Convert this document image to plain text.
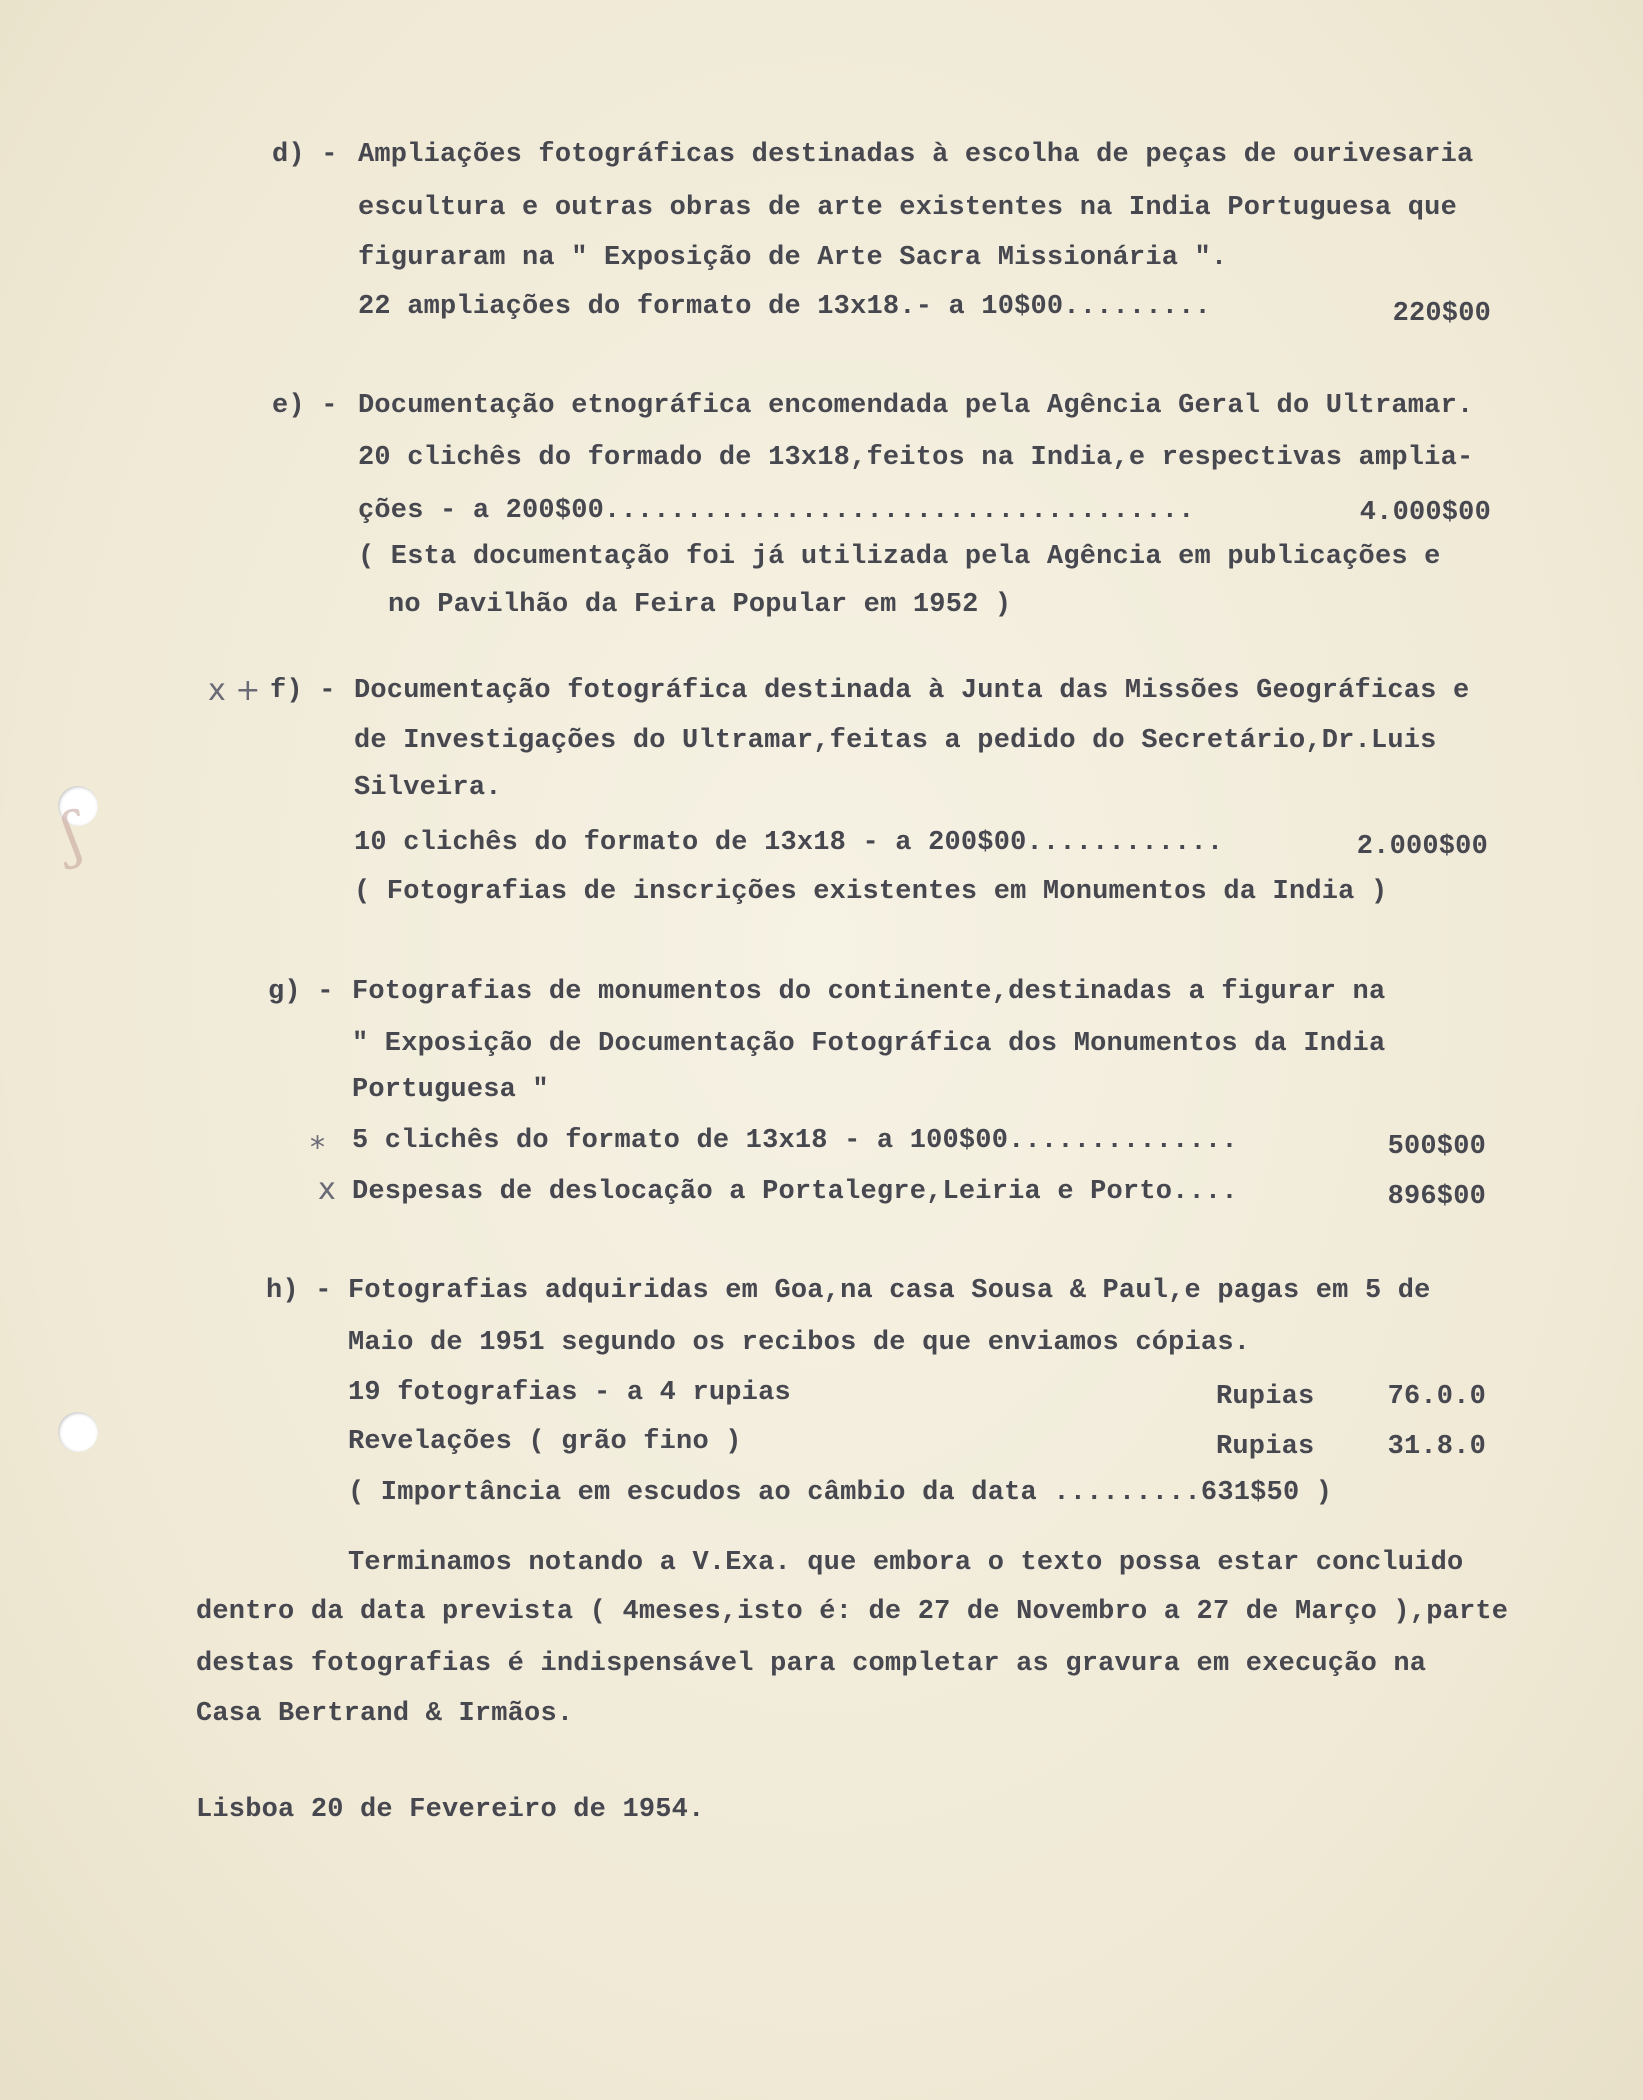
ʃ
d) - Ampliações fotográficas destinadas à escolha de peças de ourivesaria
escultura e outras obras de arte existentes na India Portuguesa que
figuraram na " Exposição de Arte Sacra Missionária ".
22 ampliações do formato de 13x18.- a 10$00.........	220$00
e) - Documentação etnográfica encomendada pela Agência Geral do Ultramar.
20 clichês do formado de 13x18,feitos na India,e respectivas amplia-
ções - a 200$00....................................	4.000$00
( Esta documentação foi já utilizada pela Agência em publicações e
no Pavilhão da Feira Popular em 1952 )
x + f) - Documentação fotográfica destinada à Junta das Missões Geográficas e
de Investigações do Ultramar,feitas a pedido do Secretário,Dr.Luis
Silveira.
10 clichês do formato de 13x18 - a 200$00............	2.000$00
( Fotografias de inscrições existentes em Monumentos da India )
g) - Fotografias de monumentos do continente,destinadas a figurar na
" Exposição de Documentação Fotográfica dos Monumentos da India
Portuguesa "
⁎ 5 clichês do formato de 13x18 - a 100$00..............	500$00
x Despesas de deslocação a Portalegre,Leiria e Porto....	896$00
h) - Fotografias adquiridas em Goa,na casa Sousa & Paul,e pagas em 5 de
Maio de 1951 segundo os recibos de que enviamos cópias.
19 fotografias - a 4 rupias	Rupias	76.0.0
Revelações ( grão fino )	Rupias	31.8.0
( Importância em escudos ao câmbio da data .........631$50 )
Terminamos notando a V.Exa. que embora o texto possa estar concluido
dentro da data prevista ( 4meses,isto é: de 27 de Novembro a 27 de Março ),parte
destas fotografias é indispensável para completar as gravura em execução na
Casa Bertrand & Irmãos.
Lisboa 20 de Fevereiro de 1954.
